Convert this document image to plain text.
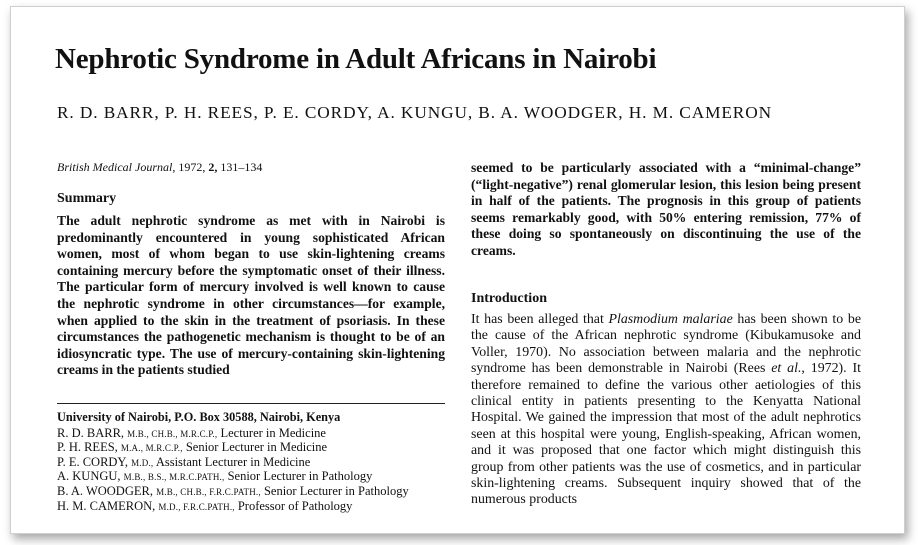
Nephrotic Syndrome in Adult Africans in Nairobi
R. D. BARR, P. H. REES, P. E. CORDY, A. KUNGU, B. A. WOODGER, H. M. CAMERON
British Medical Journal, 1972, 2, 131–134
Summary
The adult nephrotic syndrome as met with in Nairobi is predominantly encountered in young sophisticated African women, most of whom began to use skin-lightening creams containing mercury before the symptomatic onset of their illness. The particular form of mercury involved is well known to cause the nephrotic syndrome in other circumstances—for example, when applied to the skin in the treatment of psoriasis. In these circumstances the pathogenetic mechanism is thought to be of an idiosyncratic type. The use of mercury-containing skin-lightening creams in the patients studied
University of Nairobi, P.O. Box 30588, Nairobi, Kenya
R. D. BARR, M.B., CH.B., M.R.C.P., Lecturer in Medicine
P. H. REES, M.A., M.R.C.P., Senior Lecturer in Medicine
P. E. CORDY, M.D., Assistant Lecturer in Medicine
A. KUNGU, M.B., B.S., M.R.C.PATH., Senior Lecturer in Pathology
B. A. WOODGER, M.B., CH.B., F.R.C.PATH., Senior Lecturer in Pathology
H. M. CAMERON, M.D., F.R.C.PATH., Professor of Pathology
seemed to be particularly associated with a “minimal-change” (“light-negative”) renal glomerular lesion, this lesion being present in half of the patients. The prognosis in this group of patients seems remarkably good, with 50% entering remission, 77% of these doing so spontaneously on discontinuing the use of the creams.
Introduction
It has been alleged that Plasmodium malariae has been shown to be the cause of the African nephrotic syndrome (Kibukamusoke and Voller, 1970). No association between malaria and the nephrotic syndrome has been demonstrable in Nairobi (Rees et al., 1972). It therefore remained to define the various other aetiologies of this clinical entity in patients presenting to the Kenyatta National Hospital. We gained the impression that most of the adult nephrotics seen at this hospital were young, English-speaking, African women, and it was proposed that one factor which might distinguish this group from other patients was the use of cosmetics, and in particular skin-lightening creams. Subsequent inquiry showed that of the numerous products
